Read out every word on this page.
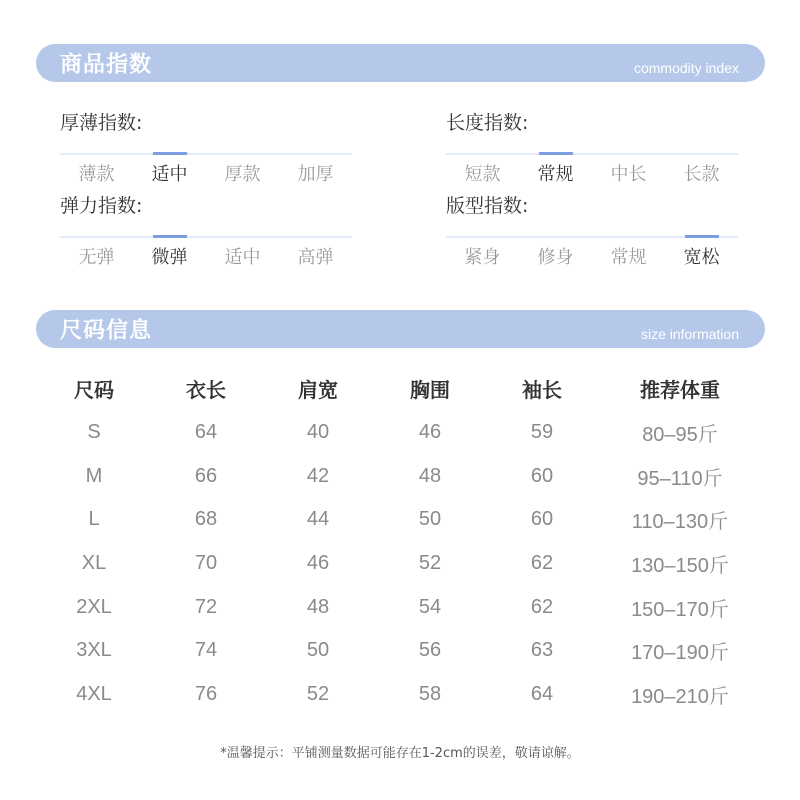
商品指数	commodity index
厚薄指数:
薄款	适中	厚款	加厚
长度指数:
短款	常规	中长	长款
弹力指数:
无弹	微弹	适中	高弹
版型指数:
紧身	修身	常规	宽松
尺码信息	size information
尺码	衣长	肩宽	胸围	袖长	推荐体重
S	64	40	46	59	80–95斤
M	66	42	48	60	95–110斤
L	68	44	50	60	110–130斤
XL	70	46	52	62	130–150斤
2XL	72	48	54	62	150–170斤
3XL	74	50	56	63	170–190斤
4XL	76	52	58	64	190–210斤
*温馨提示：平铺测量数据可能存在1-2cm的误差，敬请谅解。
